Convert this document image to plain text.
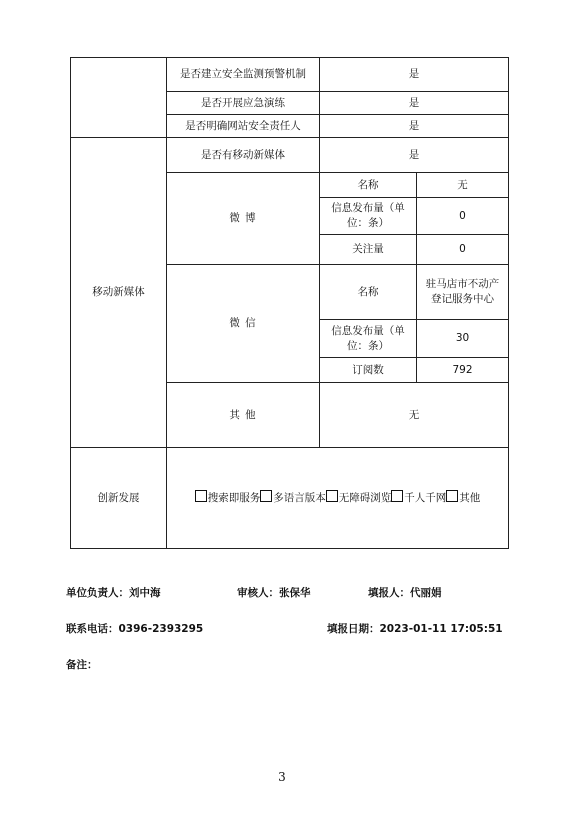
	是否建立安全监测预警机制	是	
	是否开展应急演练	是	
	是否明确网站安全责任人	是	
移动新媒体	是否有移动新媒体	是	
	微 博	名称	无
		信息发布量（单位：条）	0
		关注量	0
	微 信	名称	驻马店市不动产登记服务中心
		信息发布量（单位：条）	30
		订阅数	792
	其 他	无	
创新发展	搜索即服务 多语言版本 无障碍浏览 千人千网 其他		
单位负责人：刘中海	审核人：张保华	填报人：代丽娟
联系电话：0396-2393295	填报日期：2023-01-11 17:05:51
备注：
3
